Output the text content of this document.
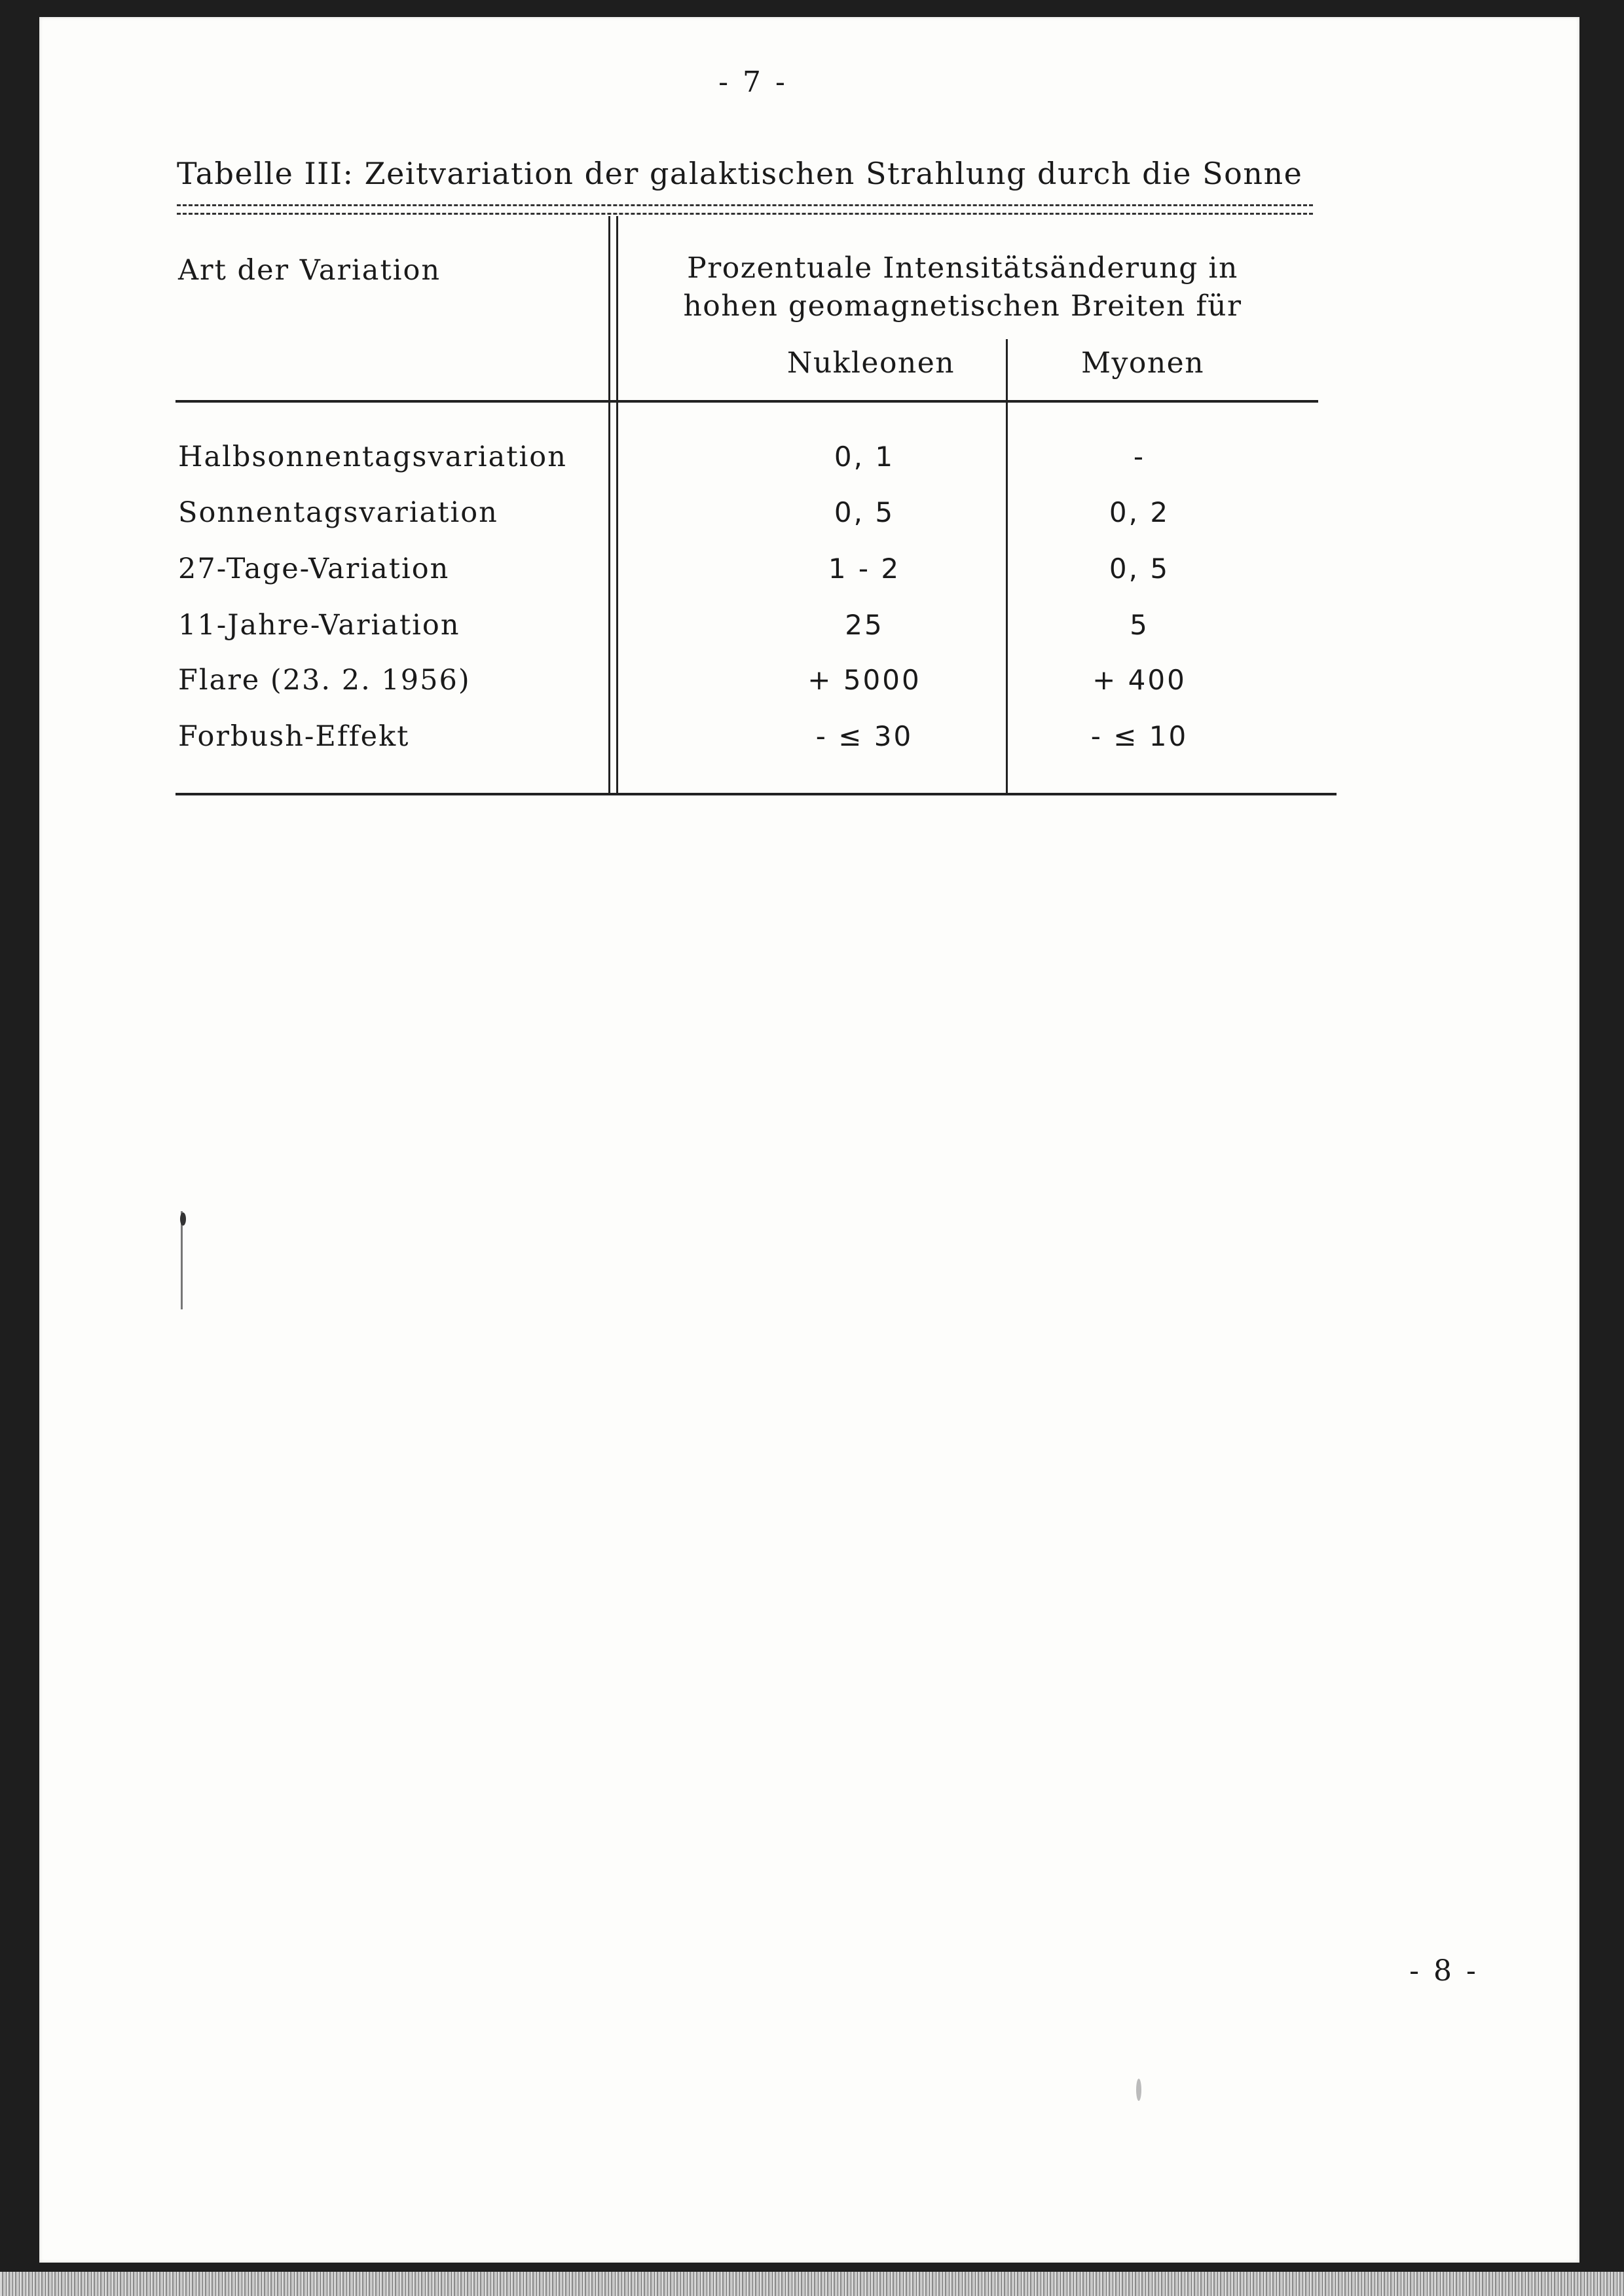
- 7 -
Tabelle III: Zeitvariation der galaktischen Strahlung durch die Sonne
Art der Variation	Prozentuale Intensitätsänderung in
hohen geomagnetischen Breiten für
Nukleonen	Myonen
Halbsonnentagsvariation	0, 1	-
Sonnentagsvariation	0, 5	0, 2
27-Tage-Variation	1 - 2	0, 5
11-Jahre-Variation	25	5
Flare (23. 2. 1956)	+ 5000	+ 400
Forbush-Effekt	- ≤ 30	- ≤ 10
- 8 -
